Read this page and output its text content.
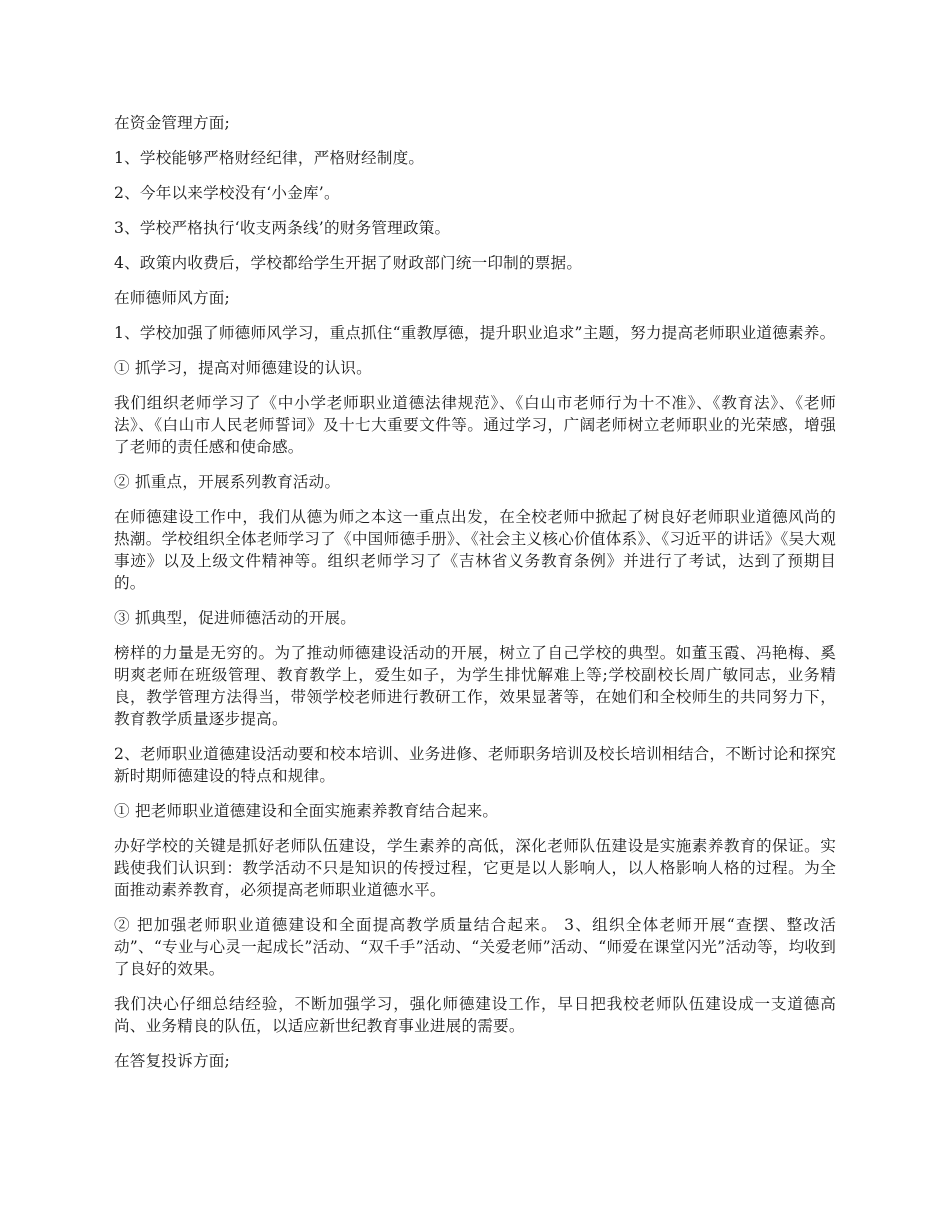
在资金管理方面;

1、学校能够严格财经纪律，严格财经制度。

2、今年以来学校没有‘小金库’。

3、学校严格执行‘收支两条线’的财务管理政策。

4、政策内收费后，学校都给学生开据了财政部门统一印制的票据。

在师德师风方面;

1、学校加强了师德师风学习，重点抓住“重教厚德，提升职业追求”主题，努力提高老师职业道德素养。

① 抓学习，提高对师德建设的认识。

我们组织老师学习了《中小学老师职业道德法律规范》、《白山市老师行为十不准》、《教育法》、《老师法》、《白山市人民老师誓词》及十七大重要文件等。通过学习，广阔老师树立老师职业的光荣感，增强了老师的责任感和使命感。

② 抓重点，开展系列教育活动。

在师德建设工作中，我们从德为师之本这一重点出发，在全校老师中掀起了树良好老师职业道德风尚的热潮。学校组织全体老师学习了《中国师德手册》、《社会主义核心价值体系》、《习近平的讲话》《吴大观事迹》以及上级文件精神等。组织老师学习了《吉林省义务教育条例》并进行了考试，达到了预期目的。

③ 抓典型，促进师德活动的开展。

榜样的力量是无穷的。为了推动师德建设活动的开展，树立了自己学校的典型。如董玉霞、冯艳梅、奚明爽老师在班级管理、教育教学上，爱生如子，为学生排忧解难上等;学校副校长周广敏同志，业务精良，教学管理方法得当，带领学校老师进行教研工作，效果显著等，在她们和全校师生的共同努力下，教育教学质量逐步提高。

2、老师职业道德建设活动要和校本培训、业务进修、老师职务培训及校长培训相结合，不断讨论和探究新时期师德建设的特点和规律。

① 把老师职业道德建设和全面实施素养教育结合起来。

办好学校的关键是抓好老师队伍建设，学生素养的高低，深化老师队伍建设是实施素养教育的保证。实践使我们认识到：教学活动不只是知识的传授过程，它更是以人影响人，以人格影响人格的过程。为全面推动素养教育，必须提高老师职业道德水平。

② 把加强老师职业道德建设和全面提高教学质量结合起来。 3、组织全体老师开展“查摆、整改活动”、“专业与心灵一起成长”活动、“双千手”活动、“关爱老师”活动、“师爱在课堂闪光”活动等，均收到了良好的效果。

我们决心仔细总结经验，不断加强学习，强化师德建设工作，早日把我校老师队伍建设成一支道德高尚、业务精良的队伍，以适应新世纪教育事业进展的需要。

在答复投诉方面;
